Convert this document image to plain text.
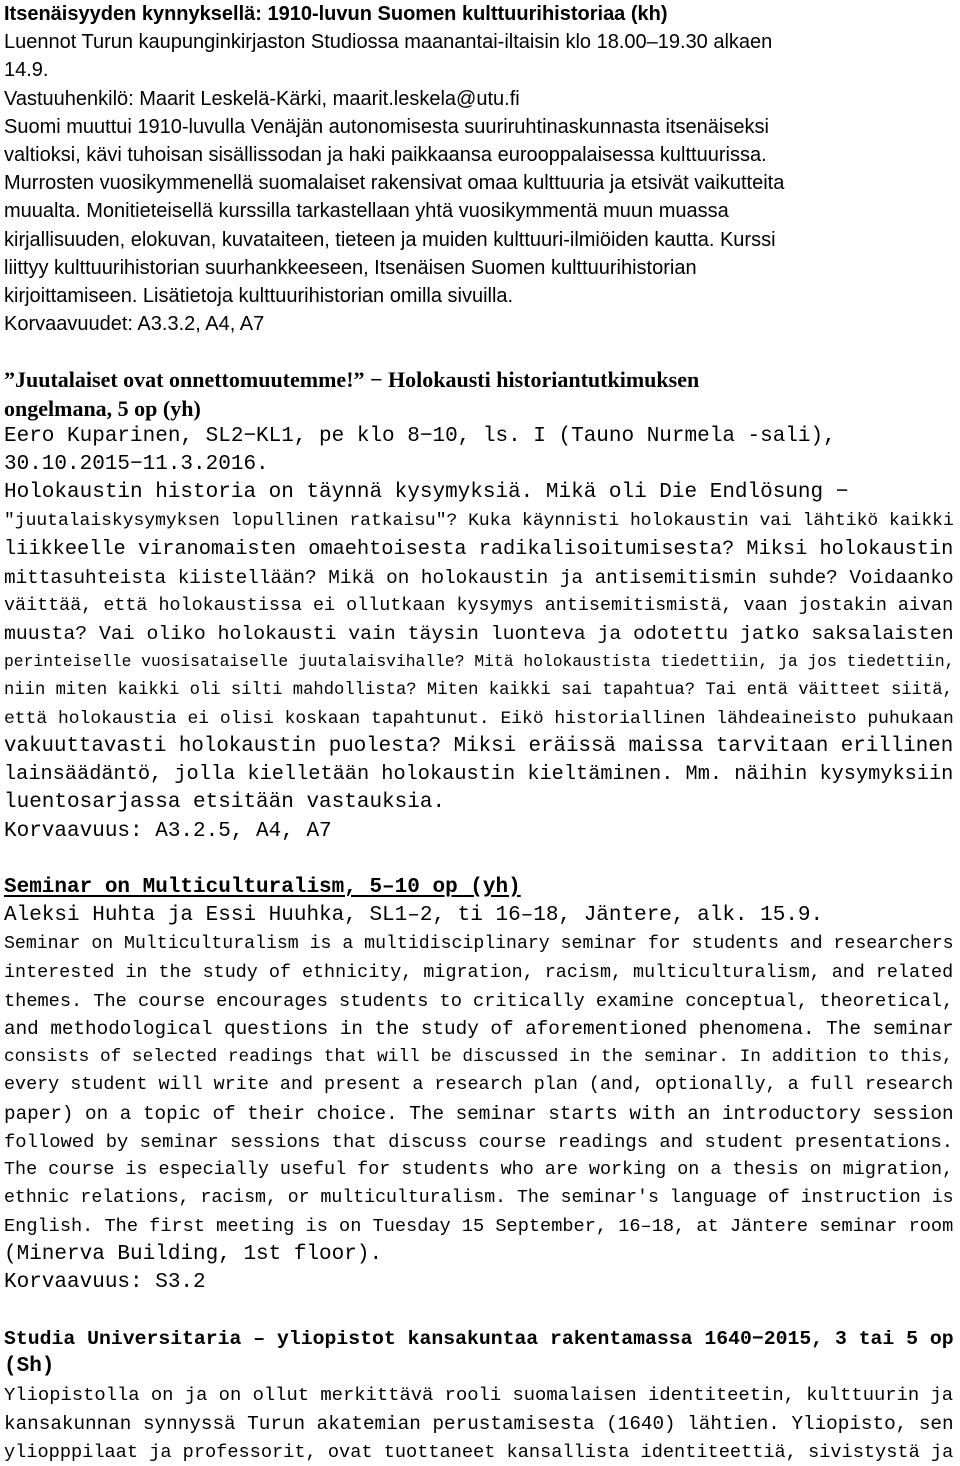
Itsenäisyyden kynnyksellä: 1910-luvun Suomen kulttuurihistoriaa (kh)

Luennot Turun kaupunginkirjaston Studiossa maanantai-iltaisin klo 18.00–19.30 alkaen

14.9.

Vastuuhenkilö: Maarit Leskelä-Kärki, maarit.leskela@utu.fi

Suomi muuttui 1910-luvulla Venäjän autonomisesta suuriruhtinaskunnasta itsenäiseksi

valtioksi, kävi tuhoisan sisällissodan ja haki paikkaansa eurooppalaisessa kulttuurissa.

Murrosten vuosikymmenellä suomalaiset rakensivat omaa kulttuuria ja etsivät vaikutteita

muualta. Monitieteisellä kurssilla tarkastellaan yhtä vuosikymmentä muun muassa

kirjallisuuden, elokuvan, kuvataiteen, tieteen ja muiden kulttuuri-ilmiöiden kautta. Kurssi

liittyy kulttuurihistorian suurhankkeeseen, Itsenäisen Suomen kulttuurihistorian

kirjoittamiseen. Lisätietoja kulttuurihistorian omilla sivuilla.

Korvaavuudet: A3.3.2, A4, A7

”Juutalaiset ovat onnettomuutemme!” − Holokausti historiantutkimuksen

ongelmana, 5 op (yh)

Eero Kuparinen, SL2−KL1, pe klo 8−10, ls. I (Tauno Nurmela -sali),

30.10.2015−11.3.2016.

Holokaustin historia on täynnä kysymyksiä. Mikä oli Die Endlösung −

"juutalaiskysymyksen lopullinen ratkaisu"? Kuka käynnisti holokaustin vai lähtikö kaikki

liikkeelle viranomaisten omaehtoisesta radikalisoitumisesta? Miksi holokaustin

mittasuhteista kiistellään? Mikä on holokaustin ja antisemitismin suhde? Voidaanko

väittää, että holokaustissa ei ollutkaan kysymys antisemitismistä, vaan jostakin aivan

muusta? Vai oliko holokausti vain täysin luonteva ja odotettu jatko saksalaisten

perinteiselle vuosisataiselle juutalaisvihalle? Mitä holokaustista tiedettiin, ja jos tiedettiin,

niin miten kaikki oli silti mahdollista? Miten kaikki sai tapahtua? Tai entä väitteet siitä,

että holokaustia ei olisi koskaan tapahtunut. Eikö historiallinen lähdeaineisto puhukaan

vakuuttavasti holokaustin puolesta? Miksi eräissä maissa tarvitaan erillinen

lainsäädäntö, jolla kielletään holokaustin kieltäminen. Mm. näihin kysymyksiin

luentosarjassa etsitään vastauksia.

Korvaavuus: A3.2.5, A4, A7

Seminar on Multiculturalism, 5–10 op (yh)

Aleksi Huhta ja Essi Huuhka, SL1–2, ti 16–18, Jäntere, alk. 15.9.

Seminar on Multiculturalism is a multidisciplinary seminar for students and researchers

interested in the study of ethnicity, migration, racism, multiculturalism, and related

themes. The course encourages students to critically examine conceptual, theoretical,

and methodological questions in the study of aforementioned phenomena. The seminar

consists of selected readings that will be discussed in the seminar. In addition to this,

every student will write and present a research plan (and, optionally, a full research

paper) on a topic of their choice. The seminar starts with an introductory session

followed by seminar sessions that discuss course readings and student presentations.

The course is especially useful for students who are working on a thesis on migration,

ethnic relations, racism, or multiculturalism. The seminar's language of instruction is

English. The first meeting is on Tuesday 15 September, 16–18, at Jäntere seminar room

(Minerva Building, 1st floor).

Korvaavuus: S3.2

Studia Universitaria – yliopistot kansakuntaa rakentamassa 1640−2015, 3 tai 5 op

(Sh)

Yliopistolla on ja on ollut merkittävä rooli suomalaisen identiteetin, kulttuurin ja

kansakunnan synnyssä Turun akatemian perustamisesta (1640) lähtien. Yliopisto, sen

yliopppilaat ja professorit, ovat tuottaneet kansallista identiteettiä, sivistystä ja
